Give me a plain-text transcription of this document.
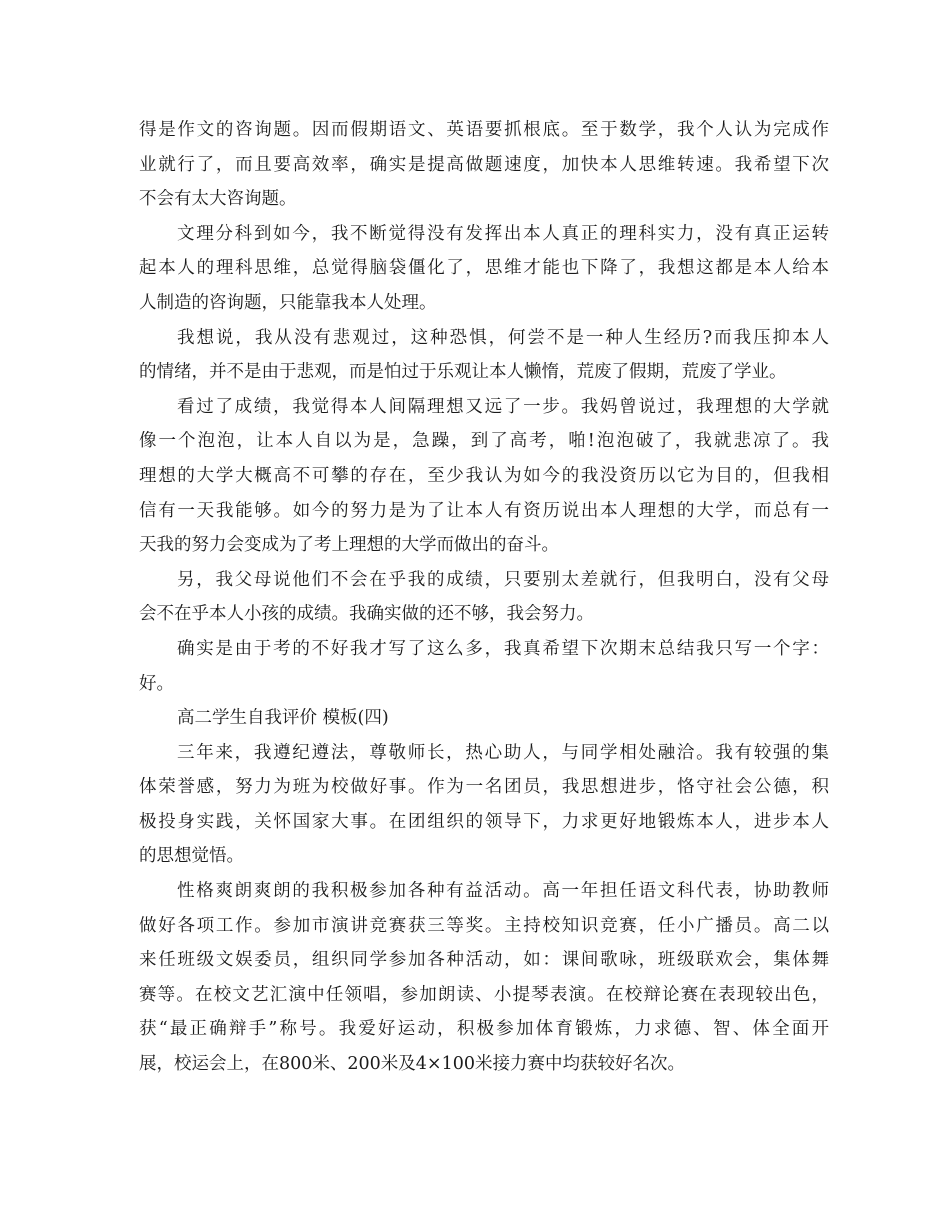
得是作文的咨询题。因而假期语文、英语要抓根底。至于数学，我个人认为完成作
业就行了，而且要高效率，确实是提高做题速度，加快本人思维转速。我希望下次
不会有太大咨询题。
文理分科到如今，我不断觉得没有发挥出本人真正的理科实力，没有真正运转
起本人的理科思维，总觉得脑袋僵化了，思维才能也下降了，我想这都是本人给本
人制造的咨询题，只能靠我本人处理。
我想说，我从没有悲观过，这种恐惧，何尝不是一种人生经历?而我压抑本人
的情绪，并不是由于悲观，而是怕过于乐观让本人懒惰，荒废了假期，荒废了学业。
看过了成绩，我觉得本人间隔理想又远了一步。我妈曾说过，我理想的大学就
像一个泡泡，让本人自以为是，急躁，到了高考，啪!泡泡破了，我就悲凉了。我
理想的大学大概高不可攀的存在，至少我认为如今的我没资历以它为目的，但我相
信有一天我能够。如今的努力是为了让本人有资历说出本人理想的大学，而总有一
天我的努力会变成为了考上理想的大学而做出的奋斗。
另，我父母说他们不会在乎我的成绩，只要别太差就行，但我明白，没有父母
会不在乎本人小孩的成绩。我确实做的还不够，我会努力。
确实是由于考的不好我才写了这么多，我真希望下次期末总结我只写一个字：
好。
高二学生自我评价 模板(四)
三年来，我遵纪遵法，尊敬师长，热心助人，与同学相处融洽。我有较强的集
体荣誉感，努力为班为校做好事。作为一名团员，我思想进步，恪守社会公德，积
极投身实践，关怀国家大事。在团组织的领导下，力求更好地锻炼本人，进步本人
的思想觉悟。
性格爽朗爽朗的我积极参加各种有益活动。高一年担任语文科代表，协助教师
做好各项工作。参加市演讲竞赛获三等奖。主持校知识竞赛，任小广播员。高二以
来任班级文娱委员，组织同学参加各种活动，如：课间歌咏，班级联欢会，集体舞
赛等。在校文艺汇演中任领唱，参加朗读、小提琴表演。在校辩论赛在表现较出色，
获“最正确辩手”称号。我爱好运动，积极参加体育锻炼，力求德、智、体全面开
展，校运会上，在800米、200米及4×100米接力赛中均获较好名次。
